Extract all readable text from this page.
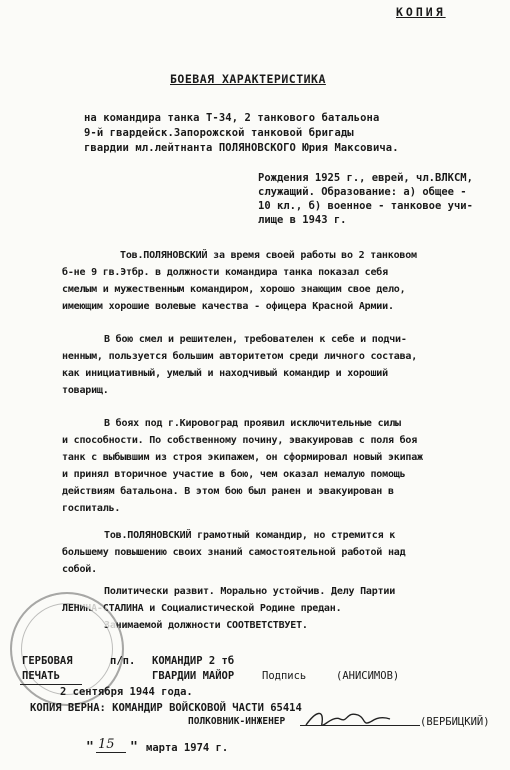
КОПИЯ
БОЕВАЯ ХАРАКТЕРИСТИКА
на командира танка Т-34, 2 танкового батальона
9-й гвардейск.Запорожской танковой бригады
гвардии мл.лейтнанта ПОЛЯНОВСКОГО Юрия Максовича.
Рождения 1925 г., еврей, чл.ВЛКСМ,
служащий. Образование: а) общее -
10 кл., б) военное - танковое учи-
лище в 1943 г.
Тов.ПОЛЯНОВСКИЙ за время своей работы во 2 танковом
б-не 9 гв.Этбр. в должности командира танка показал себя
смелым и мужественным командиром, хорошо знающим свое дело,
имеющим хорошие волевые качества - офицера Красной Армии.
В бою смел и решителен, требователен к себе и подчи-
ненным, пользуется большим авторитетом среди личного состава,
как инициативный, умелый и находчивый командир и хороший
товарищ.
В боях под г.Кировоград проявил исключительные силы
и способности. По собственному почину, эвакуировав с поля боя
танк с выбывшим из строя экипажем, он сформировал новый экипаж
и принял вторичное участие в бою, чем оказал немалую помощь
действиям батальона. В этом бою был ранен и эвакуирован в
госпиталь.
Тов.ПОЛЯНОВСКИЙ грамотный командир, но стремится к
большему повышению своих знаний самостоятельной работой над
собой.
Политически развит. Морально устойчив. Делу Партии
ЛЕНИНА-СТАЛИНА и Социалистической Родине предан.
Занимаемой должности СООТВЕТСТВУЕТ.
ГЕРБОВАЯ
ПЕЧАТЬ
п/п. КОМАНДИР 2 тб
ГВАРДИИ МАЙОР	Подпись	(АНИСИМОВ)
2 сентября 1944 года.
КОПИЯ ВЕРНА: КОМАНДИР ВОЙСКОВОЙ ЧАСТИ 65414
ПОЛКОВНИК-ИНЖЕНЕР	(ВЕРБИЦКИЙ)
" 15 " марта 1974 г.
